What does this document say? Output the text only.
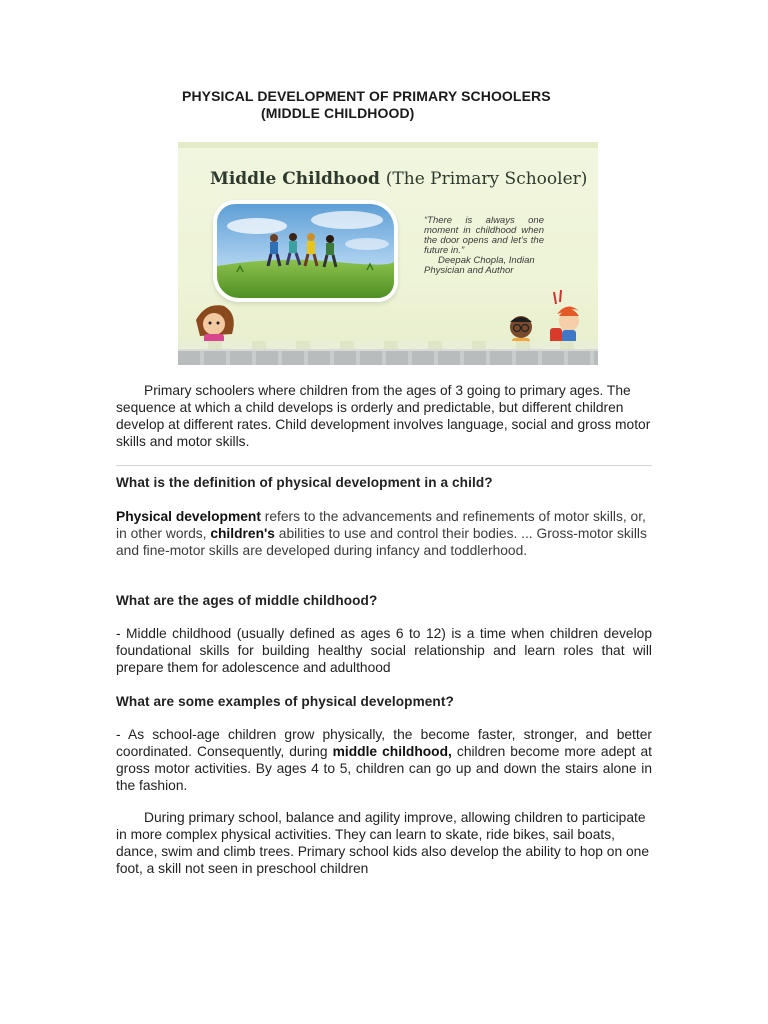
PHYSICAL DEVELOPMENT OF PRIMARY SCHOOLERS
(MIDDLE CHILDHOOD)
Middle Childhood (The Primary Schooler)
“There is always one moment in childhood when the door opens and let’s the future in.”
Deepak Chopla, Indian
Physician and Author
Primary schoolers where children from the ages of 3 going to primary ages. The sequence at which a child develops is orderly and predictable, but different children develop at different rates. Child development involves language, social and gross motor skills and motor skills.
What is the definition of physical development in a child?
Physical development refers to the advancements and refinements of motor skills, or, in other words, children's abilities to use and control their bodies. ... Gross-motor skills and fine-motor skills are developed during infancy and toddlerhood.
What are the ages of middle childhood?
- Middle childhood (usually defined as ages 6 to 12) is a time when children develop foundational skills for building healthy social relationship and learn roles that will prepare them for adolescence and adulthood
What are some examples of physical development?
- As school-age children grow physically, the become faster, stronger, and better coordinated. Consequently, during middle childhood, children become more adept at gross motor activities. By ages 4 to 5, children can go up and down the stairs alone in the fashion.
During primary school, balance and agility improve, allowing children to participate in more complex physical activities. They can learn to skate, ride bikes, sail boats, dance, swim and climb trees. Primary school kids also develop the ability to hop on one foot, a skill not seen in preschool children
